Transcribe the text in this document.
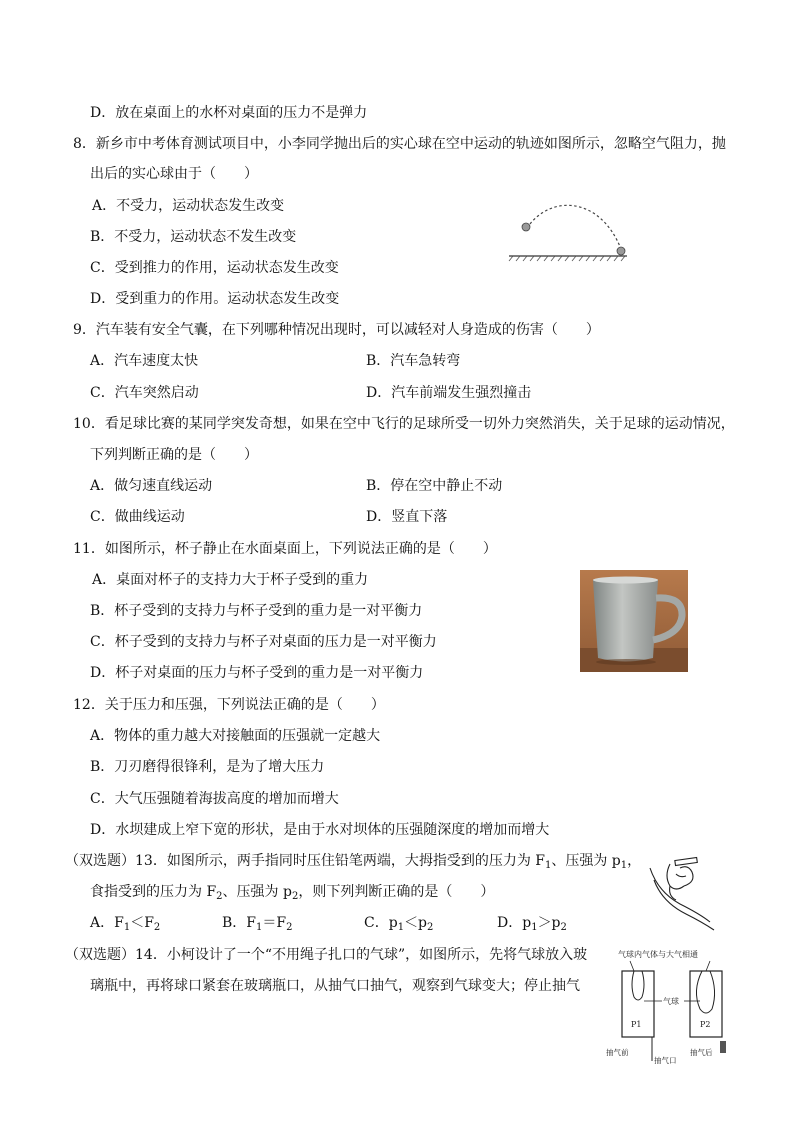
D．放在桌面上的水杯对桌面的压力不是弹力
8．新乡市中考体育测试项目中，小李同学抛出后的实心球在空中运动的轨迹如图所示，忽略空气阻力，抛
出后的实心球由于（　　）
A．不受力，运动状态发生改变
B．不受力，运动状态不发生改变
C．受到推力的作用，运动状态发生改变
D．受到重力的作用。运动状态发生改变
9．汽车装有安全气囊，在下列哪种情况出现时，可以减轻对人身造成的伤害（　　）
A．汽车速度太快	B．汽车急转弯
C．汽车突然启动	D．汽车前端发生强烈撞击
10．看足球比赛的某同学突发奇想，如果在空中飞行的足球所受一切外力突然消失，关于足球的运动情况，
下列判断正确的是（　　）
A．做匀速直线运动	B．停在空中静止不动
C．做曲线运动	D．竖直下落
11．如图所示，杯子静止在水面桌面上，下列说法正确的是（　　）
A．桌面对杯子的支持力大于杯子受到的重力
B．杯子受到的支持力与杯子受到的重力是一对平衡力
C．杯子受到的支持力与杯子对桌面的压力是一对平衡力
D．杯子对桌面的压力与杯子受到的重力是一对平衡力
12．关于压力和压强，下列说法正确的是（　　）
A．物体的重力越大对接触面的压强就一定越大
B．刀刃磨得很锋利，是为了增大压力
C．大气压强随着海拔高度的增加而增大
D．水坝建成上窄下宽的形状，是由于水对坝体的压强随深度的增加而增大
（双选题）13．如图所示，两手指同时压住铅笔两端，大拇指受到的压力为 $F_1$、压强为 $p_1$，
食指受到的压力为 $F_2$、压强为 $p_2$，则下列判断正确的是（　　）
A．$F_1<F_2$	B．$F_1=F_2$	C．$p_1<p_2$	D．$p_1>p_2$
（双选题）14．小柯设计了一个“不用绳子扎口的气球”，如图所示，先将气球放入玻
璃瓶中，再将球口紧套在玻璃瓶口，从抽气口抽气，观察到气球变大；停止抽气
气球内气体与大气相通
P1	P2
气球
抽气前
抽气口
抽气后
